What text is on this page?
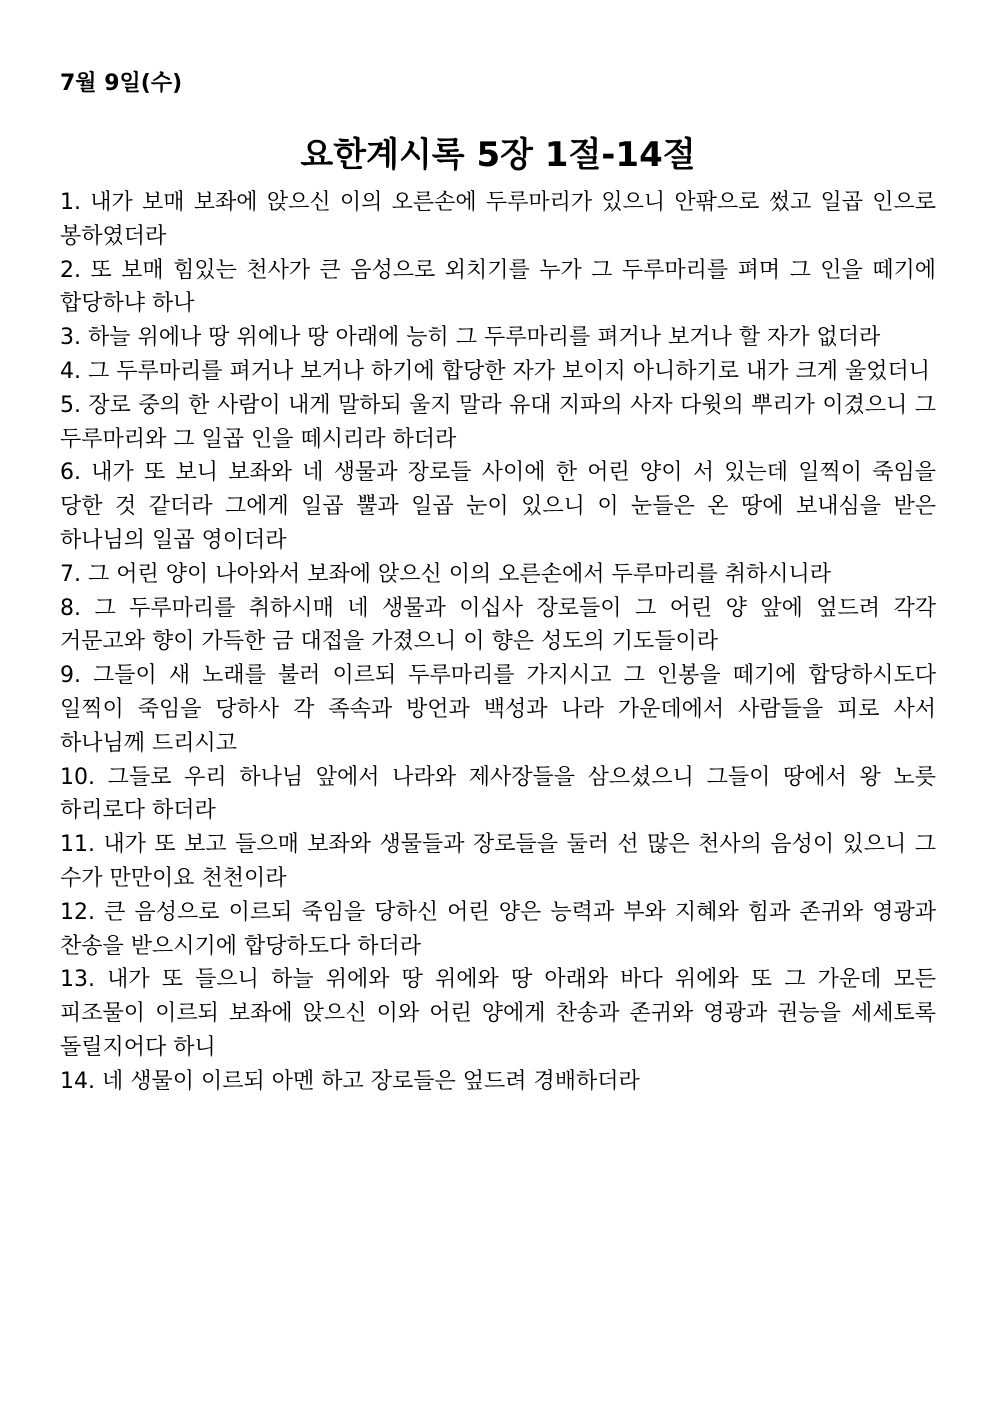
7월 9일(수)
요한계시록 5장 1절-14절
1. 내가 보매 보좌에 앉으신 이의 오른손에 두루마리가 있으니 안팎으로 썼고 일곱 인으로 봉하였더라
2. 또 보매 힘있는 천사가 큰 음성으로 외치기를 누가 그 두루마리를 펴며 그 인을 떼기에 합당하냐 하나
3. 하늘 위에나 땅 위에나 땅 아래에 능히 그 두루마리를 펴거나 보거나 할 자가 없더라
4. 그 두루마리를 펴거나 보거나 하기에 합당한 자가 보이지 아니하기로 내가 크게 울었더니
5. 장로 중의 한 사람이 내게 말하되 울지 말라 유대 지파의 사자 다윗의 뿌리가 이겼으니 그 두루마리와 그 일곱 인을 떼시리라 하더라
6. 내가 또 보니 보좌와 네 생물과 장로들 사이에 한 어린 양이 서 있는데 일찍이 죽임을 당한 것 같더라 그에게 일곱 뿔과 일곱 눈이 있으니 이 눈들은 온 땅에 보내심을 받은 하나님의 일곱 영이더라
7. 그 어린 양이 나아와서 보좌에 앉으신 이의 오른손에서 두루마리를 취하시니라
8. 그 두루마리를 취하시매 네 생물과 이십사 장로들이 그 어린 양 앞에 엎드려 각각 거문고와 향이 가득한 금 대접을 가졌으니 이 향은 성도의 기도들이라
9. 그들이 새 노래를 불러 이르되 두루마리를 가지시고 그 인봉을 떼기에 합당하시도다 일찍이 죽임을 당하사 각 족속과 방언과 백성과 나라 가운데에서 사람들을 피로 사서 하나님께 드리시고
10. 그들로 우리 하나님 앞에서 나라와 제사장들을 삼으셨으니 그들이 땅에서 왕 노릇 하리로다 하더라
11. 내가 또 보고 들으매 보좌와 생물들과 장로들을 둘러 선 많은 천사의 음성이 있으니 그 수가 만만이요 천천이라
12. 큰 음성으로 이르되 죽임을 당하신 어린 양은 능력과 부와 지혜와 힘과 존귀와 영광과 찬송을 받으시기에 합당하도다 하더라
13. 내가 또 들으니 하늘 위에와 땅 위에와 땅 아래와 바다 위에와 또 그 가운데 모든 피조물이 이르되 보좌에 앉으신 이와 어린 양에게 찬송과 존귀와 영광과 권능을 세세토록 돌릴지어다 하니
14. 네 생물이 이르되 아멘 하고 장로들은 엎드려 경배하더라
